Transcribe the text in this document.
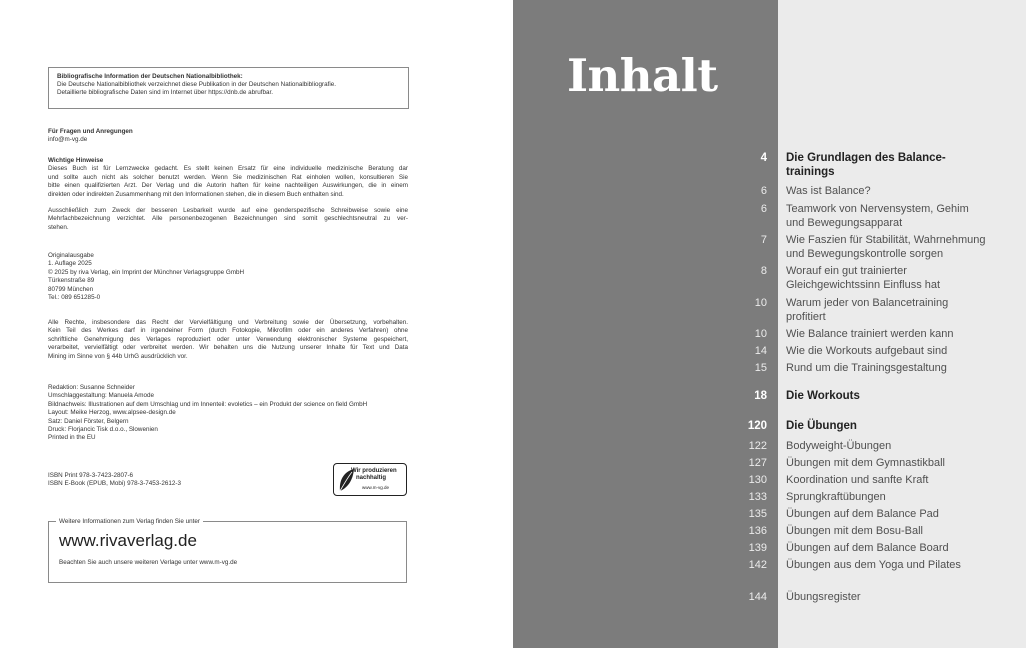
Bibliografische Information der Deutschen Nationalbibliothek:
Die Deutsche Nationalbibliothek verzeichnet diese Publikation in der Deutschen Nationalbibliografie.
Detaillierte bibliografische Daten sind im Internet über https://dnb.de abrufbar.
Für Fragen und Anregungen
info@m-vg.de
Wichtige Hinweise
Dieses Buch ist für Lernzwecke gedacht. Es stellt keinen Ersatz für eine individuelle medizinische Beratung dar
und sollte auch nicht als solcher benutzt werden. Wenn Sie medizinischen Rat einholen wollen, konsultieren Sie
bitte einen qualifizierten Arzt. Der Verlag und die Autorin haften für keine nachteiligen Auswirkungen, die in einem
direkten oder indirekten Zusammenhang mit den Informationen stehen, die in diesem Buch enthalten sind.
Ausschließlich zum Zweck der besseren Lesbarkeit wurde auf eine genderspezifische Schreibweise sowie eine
Mehrfachbezeichnung verzichtet. Alle personenbezogenen Bezeichnungen sind somit geschlechtsneutral zu ver-
stehen.
Originalausgabe
1. Auflage 2025
© 2025 by riva Verlag, ein Imprint der Münchner Verlagsgruppe GmbH
Türkenstraße 89
80799 München
Tel.: 089 651285-0
Alle Rechte, insbesondere das Recht der Vervielfältigung und Verbreitung sowie der Übersetzung, vorbehalten.
Kein Teil des Werkes darf in irgendeiner Form (durch Fotokopie, Mikrofilm oder ein anderes Verfahren) ohne
schriftliche Genehmigung des Verlages reproduziert oder unter Verwendung elektronischer Systeme gespeichert,
verarbeitet, vervielfältigt oder verbreitet werden. Wir behalten uns die Nutzung unserer Inhalte für Text und Data
Mining im Sinne von § 44b UrhG ausdrücklich vor.
Redaktion: Susanne Schneider
Umschlaggestaltung: Manuela Amode
Bildnachweis: Illustrationen auf dem Umschlag und im Innenteil: evoletics – ein Produkt der science on field GmbH
Layout: Meike Herzog, www.alpsee-design.de
Satz: Daniel Förster, Belgern
Druck: Florjancic Tisk d.o.o., Slowenien
Printed in the EU
ISBN Print 978-3-7423-2807-6
ISBN E-Book (EPUB, Mobi) 978-3-7453-2612-3
Wir produzieren
nachhaltig
www.m-vg.de
Weitere Informationen zum Verlag finden Sie unter
www.rivaverlag.de
Beachten Sie auch unsere weiteren Verlage unter www.m-vg.de
Inhalt
4 Die Grundlagen des Balance-
trainings
6 Was ist Balance?
6 Teamwork von Nervensystem, Gehim
und Bewegungsapparat
7 Wie Faszien für Stabilität, Wahrnehmung
und Bewegungskontrolle sorgen
8 Worauf ein gut trainierter
Gleichgewichtssinn Einfluss hat
10 Warum jeder von Balancetraining
profitiert
10 Wie Balance trainiert werden kann
14 Wie die Workouts aufgebaut sind
15 Rund um die Trainingsgestaltung
18 Die Workouts
120 Die Übungen
122 Bodyweight-Übungen
127 Übungen mit dem Gymnastikball
130 Koordination und sanfte Kraft
133 Sprungkraftübungen
135 Übungen auf dem Balance Pad
136 Übungen mit dem Bosu-Ball
139 Übungen auf dem Balance Board
142 Übungen aus dem Yoga und Pilates
144 Übungsregister
